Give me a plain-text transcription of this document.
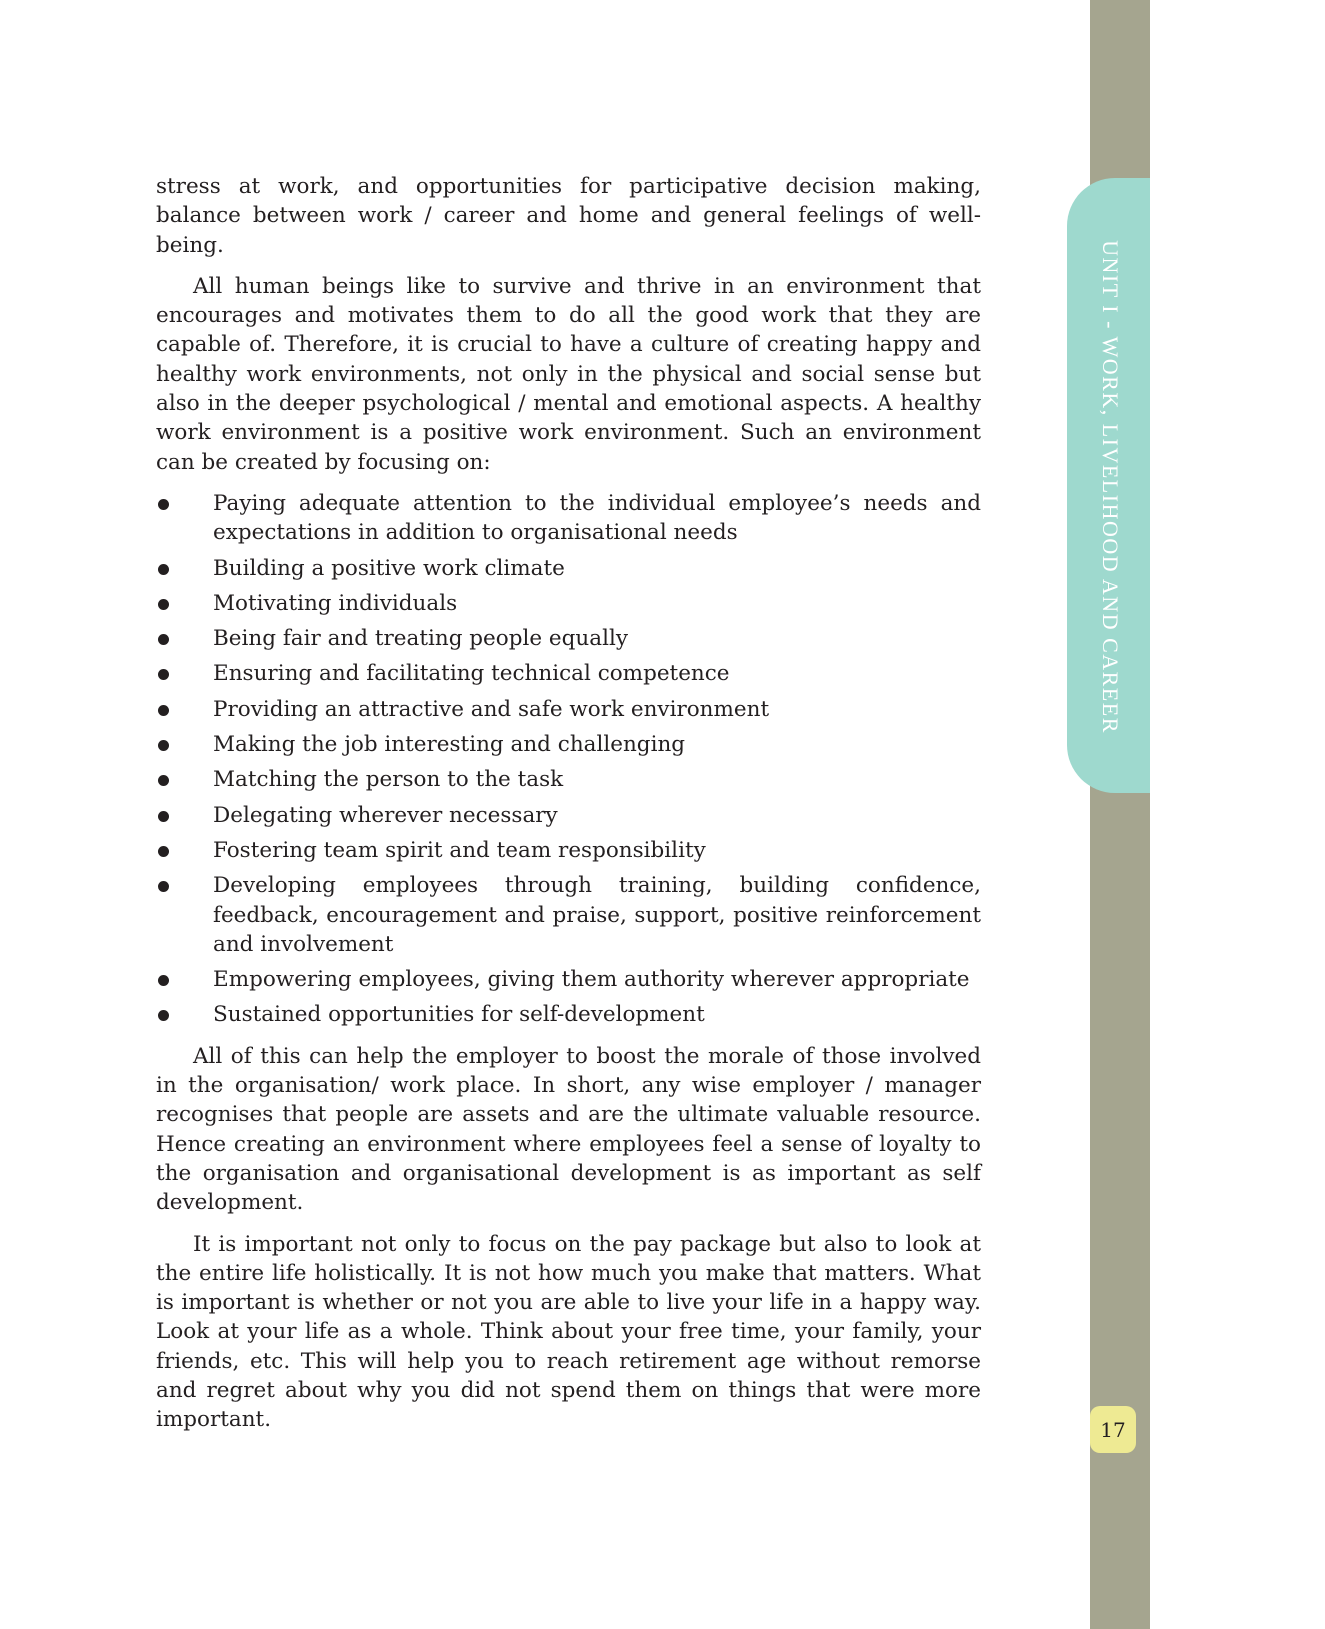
UNIT I - WORK, LIVELIHOOD AND CAREER
17

stress at work, and opportunities for participative decision making, balance between work / career and home and general feelings of well-being.

All human beings like to survive and thrive in an environment that encourages and motivates them to do all the good work that they are capable of. Therefore, it is crucial to have a culture of creating happy and healthy work environments, not only in the physical and social sense but also in the deeper psychological / mental and emotional aspects. A healthy work environment is a positive work environment. Such an environment can be created by focusing on:

Paying adequate attention to the individual employee’s needs and expectations in addition to organisational needs
Building a positive work climate
Motivating individuals
Being fair and treating people equally
Ensuring and facilitating technical competence
Providing an attractive and safe work environment
Making the job interesting and challenging
Matching the person to the task
Delegating wherever necessary
Fostering team spirit and team responsibility
Developing employees through training, building confidence, feedback, encouragement and praise, support, positive reinforcement and involvement
Empowering employees, giving them authority wherever appropriate
Sustained opportunities for self-development

All of this can help the employer to boost the morale of those involved in the organisation/ work place. In short, any wise employer / manager recognises that people are assets and are the ultimate valuable resource. Hence creating an environment where employees feel a sense of loyalty to the organisation and organisational development is as important as self development.

It is important not only to focus on the pay package but also to look at the entire life holistically. It is not how much you make that matters. What is important is whether or not you are able to live your life in a happy way. Look at your life as a whole. Think about your free time, your family, your friends, etc. This will help you to reach retirement age without remorse and regret about why you did not spend them on things that were more important.
